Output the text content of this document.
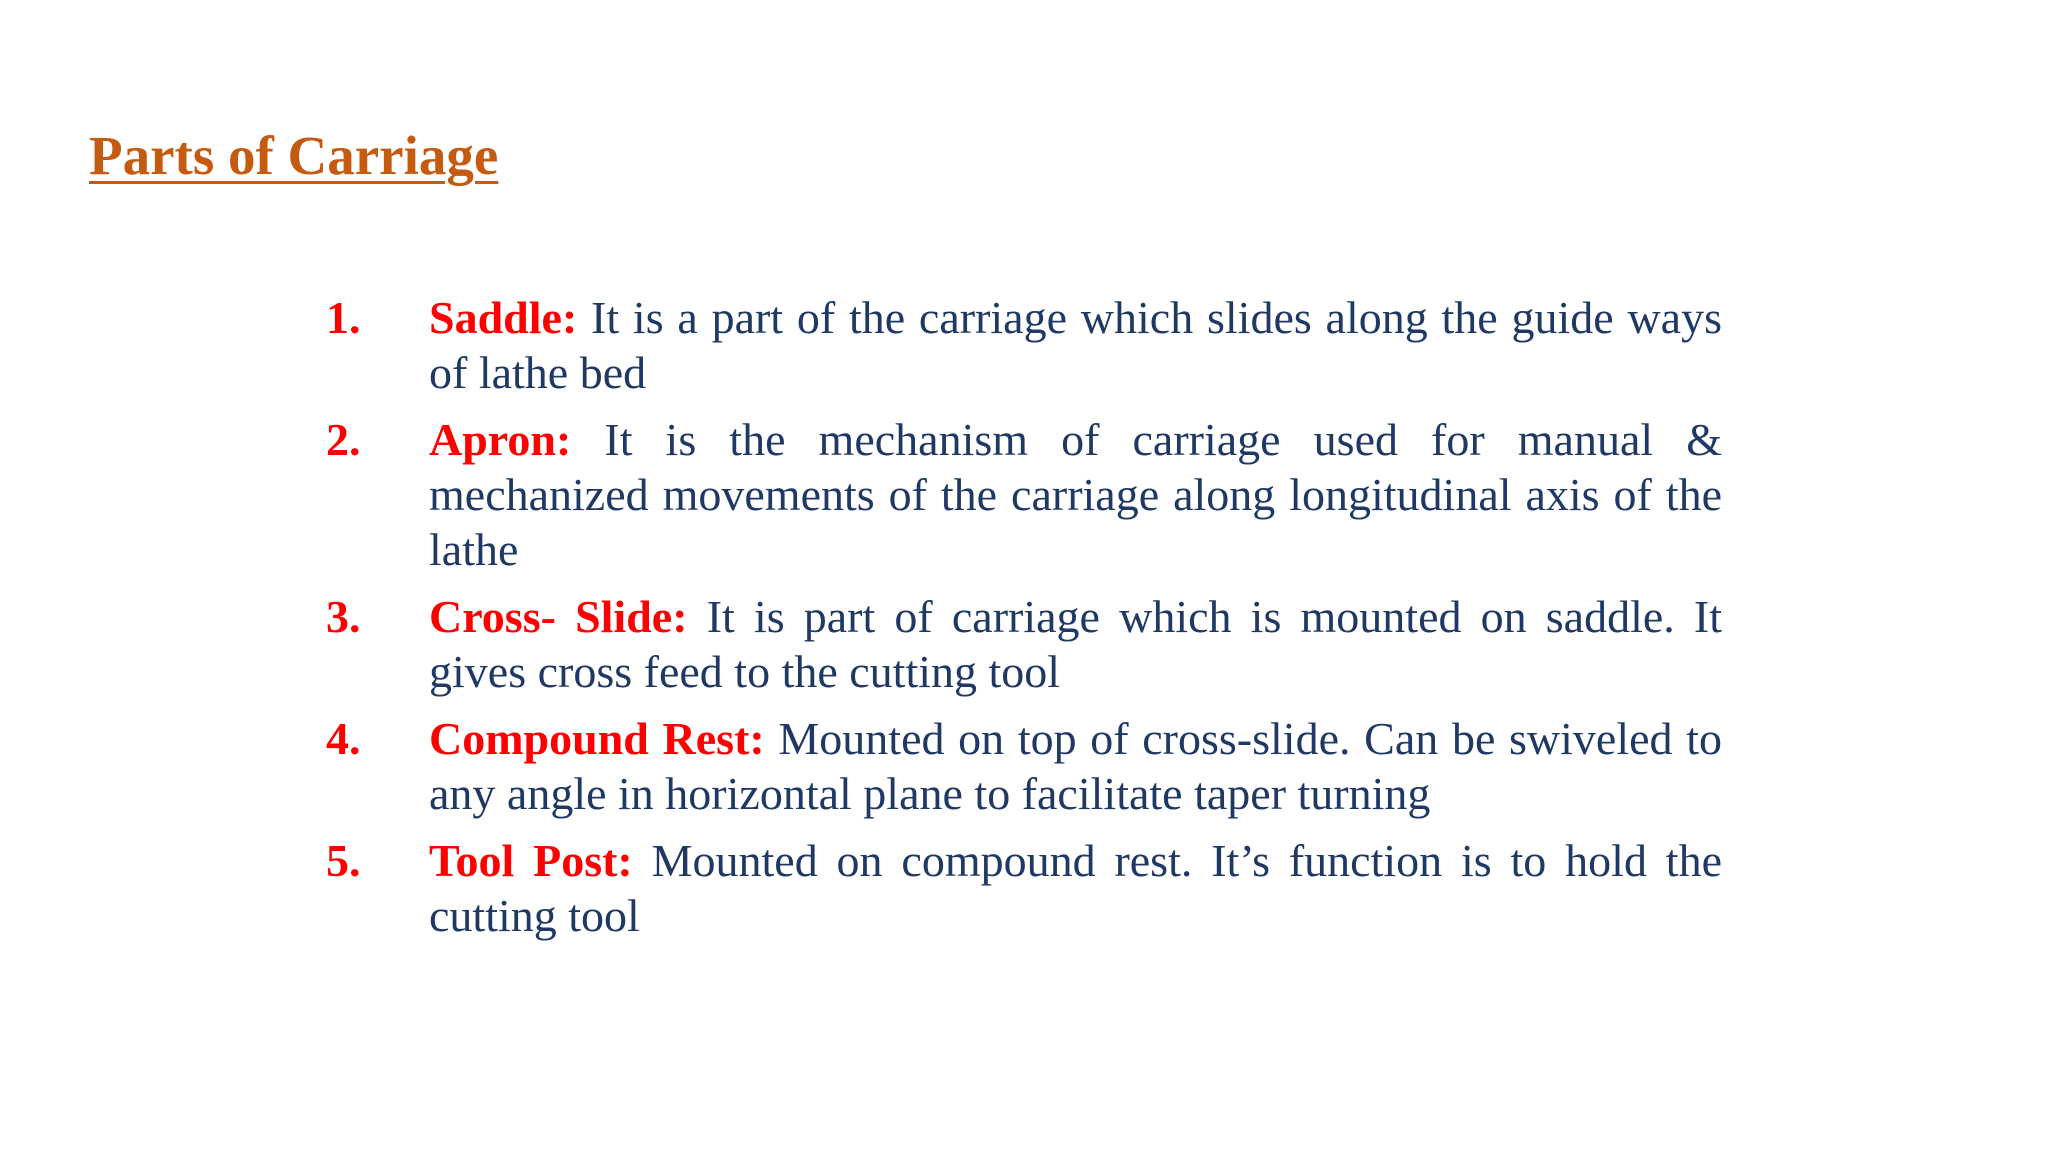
Parts of Carriage
1.	Saddle: It is a part of the carriage which slides along the guide ways of lathe bed
2.	Apron: It is the mechanism of carriage used for manual & mechanized movements of the carriage along longitudinal axis of the lathe
3.	Cross- Slide: It is part of carriage which is mounted on saddle. It gives cross feed to the cutting tool
4.	Compound Rest: Mounted on top of cross-slide. Can be swiveled to any angle in horizontal plane to facilitate taper turning
5.	Tool Post: Mounted on compound rest. It’s function is to hold the cutting tool
